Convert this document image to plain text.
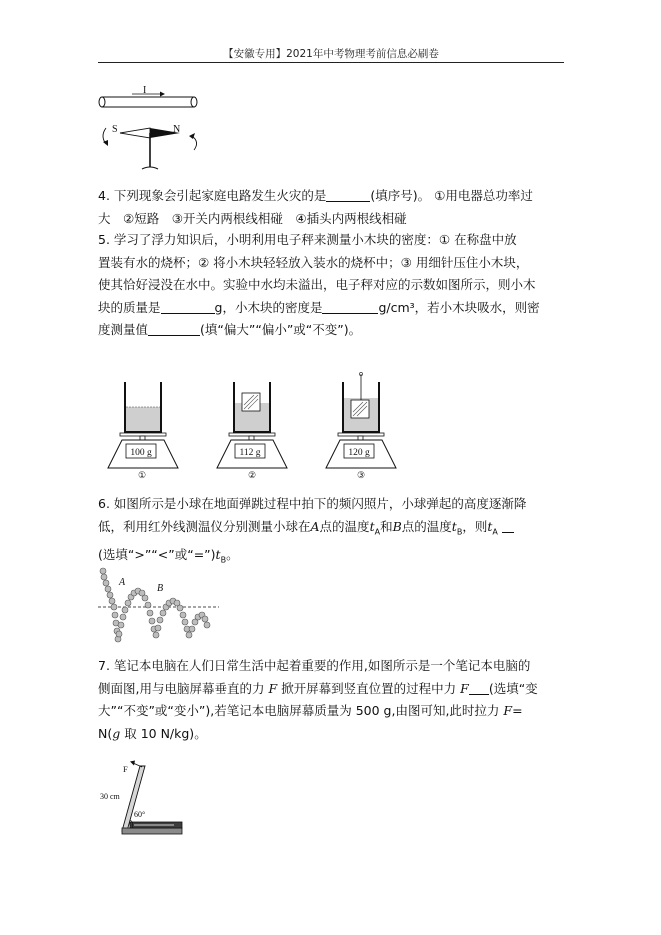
【安徽专用】2021年中考物理考前信息必刷卷
I
S	N
4. 下列现象会引起家庭电路发生火灾的是	(填序号)。 ①用电器总功率过
大　②短路　③开关内两根线相碰　④插头内两根线相碰
5. 学习了浮力知识后，小明利用电子秤来测量小木块的密度：① 在称盘中放
置装有水的烧杯；② 将小木块轻轻放入装水的烧杯中；③ 用细针压住小木块，
使其恰好浸没在水中。实验中水均未溢出，电子秤对应的示数如图所示，则小木
块的质量是	g，小木块的密度是	g/cm³，若小木块吸水，则密
度测量值	(填“偏大”“偏小”或“不变”)。
100 g
①
112 g
②
120 g
③
6. 如图所示是小球在地面弹跳过程中拍下的频闪照片，小球弹起的高度逐渐降
低，利用红外线测温仪分别测量小球在A点的温度$t_A$和B点的温度$t_B$，则$t_A$
(选填“>”“<”或“$=”)t_B$。
A
B
7. 笔记本电脑在人们日常生活中起着重要的作用,如图所示是一个笔记本电脑的
侧面图,用与电脑屏幕垂直的力 F 掀开屏幕到竖直位置的过程中力 F (选填“变
大”“不变”或“变小”),若笔记本电脑屏幕质量为 500 g,由图可知,此时拉力 F=
N(g 取 10 N/kg)。
F
30 cm
60°
